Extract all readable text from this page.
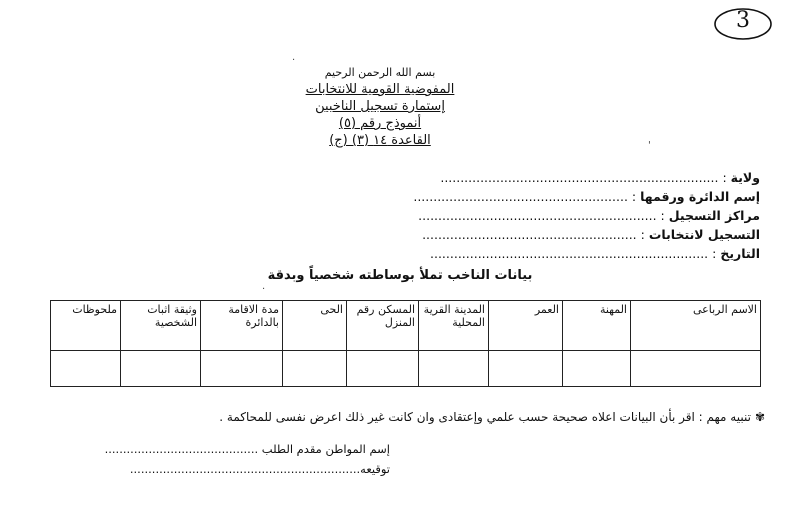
3
·
·
'
بسم الله الرحمن الرحيم
المفوضية القومية للانتخابات
إستمارة تسجيل الناخبين
أنموذج رقم (٥)
القاعدة ١٤ (٣) (ج)
ولاية : ......................................................................
إسم الدائرة ورقمها : ......................................................
مراكز التسجيل : ............................................................
التسجيل لانتخابات : ......................................................
التاريخ : ......................................................................
بيانات الناخب تملأ بوساطته شخصياً وبدقة
الاسم الرباعى	المهنة	العمر	المدينة القرية المحلية	المسكن رقم المنزل	الحى	مدة الاقامة بالدائرة	وثيقة اثبات الشخصية	ملحوظات

✾تنبيه مهم : اقر بأن البيانات اعلاه صحيحة حسب علمي وإعتقادى وان كانت غير ذلك اعرض نفسى للمحاكمة .
إسم المواطن مقدم الطلب ..........................................
توقيعه...............................................................
